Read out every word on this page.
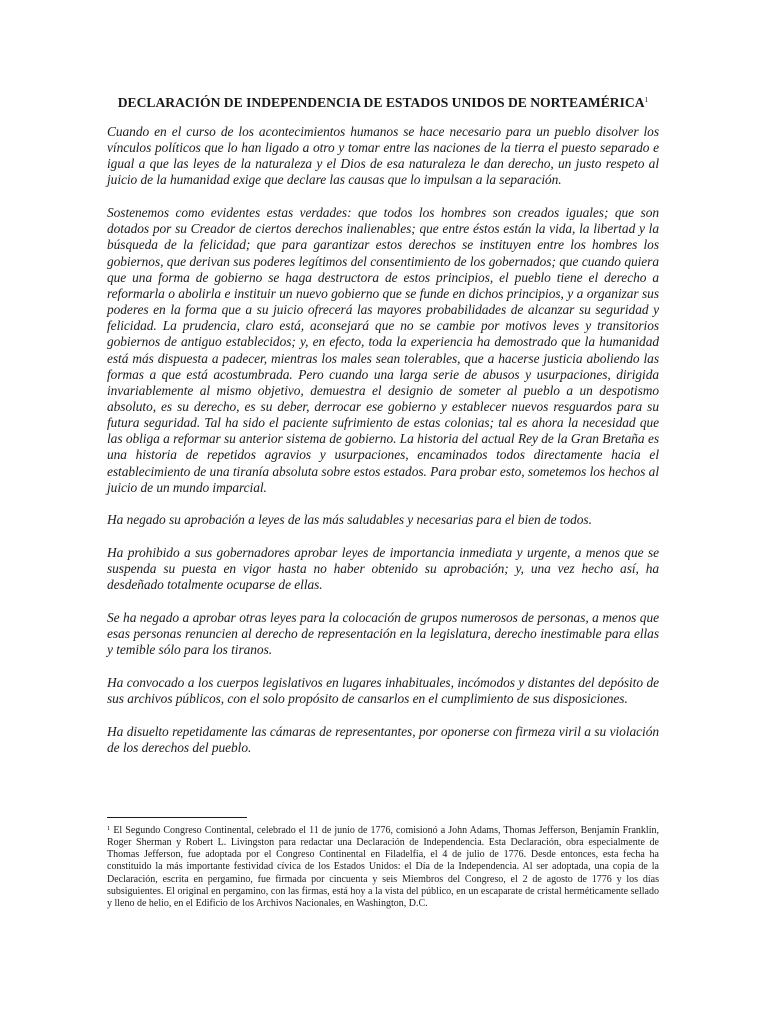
DECLARACIÓN DE INDEPENDENCIA DE ESTADOS UNIDOS DE NORTEAMÉRICA$^1$

Cuando en el curso de los acontecimientos humanos se hace necesario para un pueblo disolver los vínculos políticos que lo han ligado a otro y tomar entre las naciones de la tierra el puesto separado e igual a que las leyes de la naturaleza y el Dios de esa naturaleza le dan derecho, un justo respeto al juicio de la humanidad exige que declare las causas que lo impulsan a la separación.

Sostenemos como evidentes estas verdades: que todos los hombres son creados iguales; que son dotados por su Creador de ciertos derechos inalienables; que entre éstos están la vida, la libertad y la búsqueda de la felicidad; que para garantizar estos derechos se instituyen entre los hombres los gobiernos, que derivan sus poderes legítimos del consentimiento de los gobernados; que cuando quiera que una forma de gobierno se haga destructora de estos principios, el pueblo tiene el derecho a reformarla o abolirla e instituir un nuevo gobierno que se funde en dichos principios, y a organizar sus poderes en la forma que a su juicio ofrecerá las mayores probabilidades de alcanzar su seguridad y felicidad. La prudencia, claro está, aconsejará que no se cambie por motivos leves y transitorios gobiernos de antiguo establecidos; y, en efecto, toda la experiencia ha demostrado que la humanidad está más dispuesta a padecer, mientras los males sean tolerables, que a hacerse justicia aboliendo las formas a que está acostumbrada. Pero cuando una larga serie de abusos y usurpaciones, dirigida invariablemente al mismo objetivo, demuestra el designio de someter al pueblo a un despotismo absoluto, es su derecho, es su deber, derrocar ese gobierno y establecer nuevos resguardos para su futura seguridad. Tal ha sido el paciente sufrimiento de estas colonias; tal es ahora la necesidad que las obliga a reformar su anterior sistema de gobierno. La historia del actual Rey de la Gran Bretaña es una historia de repetidos agravios y usurpaciones, encaminados todos directamente hacia el establecimiento de una tiranía absoluta sobre estos estados. Para probar esto, sometemos los hechos al juicio de un mundo imparcial.

Ha negado su aprobación a leyes de las más saludables y necesarias para el bien de todos.

Ha prohibido a sus gobernadores aprobar leyes de importancia inmediata y urgente, a menos que se suspenda su puesta en vigor hasta no haber obtenido su aprobación; y, una vez hecho así, ha desdeñado totalmente ocuparse de ellas.

Se ha negado a aprobar otras leyes para la colocación de grupos numerosos de personas, a menos que esas personas renuncien al derecho de representación en la legislatura, derecho inestimable para ellas y temible sólo para los tiranos.

Ha convocado a los cuerpos legislativos en lugares inhabituales, incómodos y distantes del depósito de sus archivos públicos, con el solo propósito de cansarlos en el cumplimiento de sus disposiciones.

Ha disuelto repetidamente las cámaras de representantes, por oponerse con firmeza viril a su violación de los derechos del pueblo.

$^1$ El Segundo Congreso Continental, celebrado el 11 de junio de 1776, comisionó a John Adams, Thomas Jefferson, Benjamín Franklin, Roger Sherman y Robert L. Livingston para redactar una Declaración de Independencia. Esta Declaración, obra especialmente de Thomas Jefferson, fue adoptada por el Congreso Continental en Filadelfia, el 4 de julio de 1776. Desde entonces, esta fecha ha constituido la más importante festividad cívica de los Estados Unidos: el Día de la Independencia. Al ser adoptada, una copia de la Declaración, escrita en pergamino, fue firmada por cincuenta y seis Miembros del Congreso, el 2 de agosto de 1776 y los días subsiguientes. El original en pergamino, con las firmas, está hoy a la vista del público, en un escaparate de cristal herméticamente sellado y lleno de helio, en el Edificio de los Archivos Nacionales, en Washington, D.C.
